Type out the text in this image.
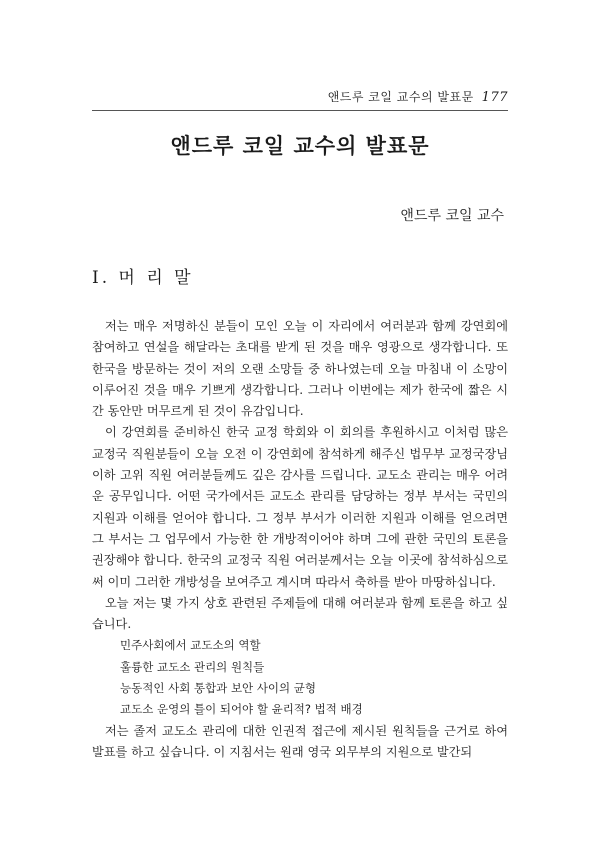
앤드루 코일 교수의 발표문 177
앤드루 코일 교수의 발표문
앤드루 코일 교수
Ⅰ. 머 리 말

저는 매우 저명하신 분들이 모인 오늘 이 자리에서 여러분과 함께 강연회에 참여하고 연설을 해달라는 초대를 받게 된 것을 매우 영광으로 생각합니다. 또 한국을 방문하는 것이 저의 오랜 소망들 중 하나였는데 오늘 마침내 이 소망이 이루어진 것을 매우 기쁘게 생각합니다. 그러나 이번에는 제가 한국에 짧은 시간 동안만 머무르게 된 것이 유감입니다.

이 강연회를 준비하신 한국 교정 학회와 이 회의를 후원하시고 이처럼 많은 교정국 직원분들이 오늘 오전 이 강연회에 참석하게 해주신 법무부 교정국장님 이하 고위 직원 여러분들께도 깊은 감사를 드립니다. 교도소 관리는 매우 어려운 공무입니다. 어떤 국가에서든 교도소 관리를 담당하는 정부 부서는 국민의 지원과 이해를 얻어야 합니다. 그 정부 부서가 이러한 지원과 이해를 얻으려면 그 부서는 그 업무에서 가능한 한 개방적이어야 하며 그에 관한 국민의 토론을 권장해야 합니다. 한국의 교정국 직원 여러분께서는 오늘 이곳에 참석하심으로써 이미 그러한 개방성을 보여주고 계시며 따라서 축하를 받아 마땅하십니다.

오늘 저는 몇 가지 상호 관련된 주제들에 대해 여러분과 함께 토론을 하고 싶습니다.

민주사회에서 교도소의 역할
훌륭한 교도소 관리의 원칙들
능동적인 사회 통합과 보안 사이의 균형
교도소 운영의 틀이 되어야 할 윤리적? 법적 배경

저는 졸저 교도소 관리에 대한 인권적 접근에 제시된 원칙들을 근거로 하여 발표를 하고 싶습니다. 이 지침서는 원래 영국 외무부의 지원으로 발간되
